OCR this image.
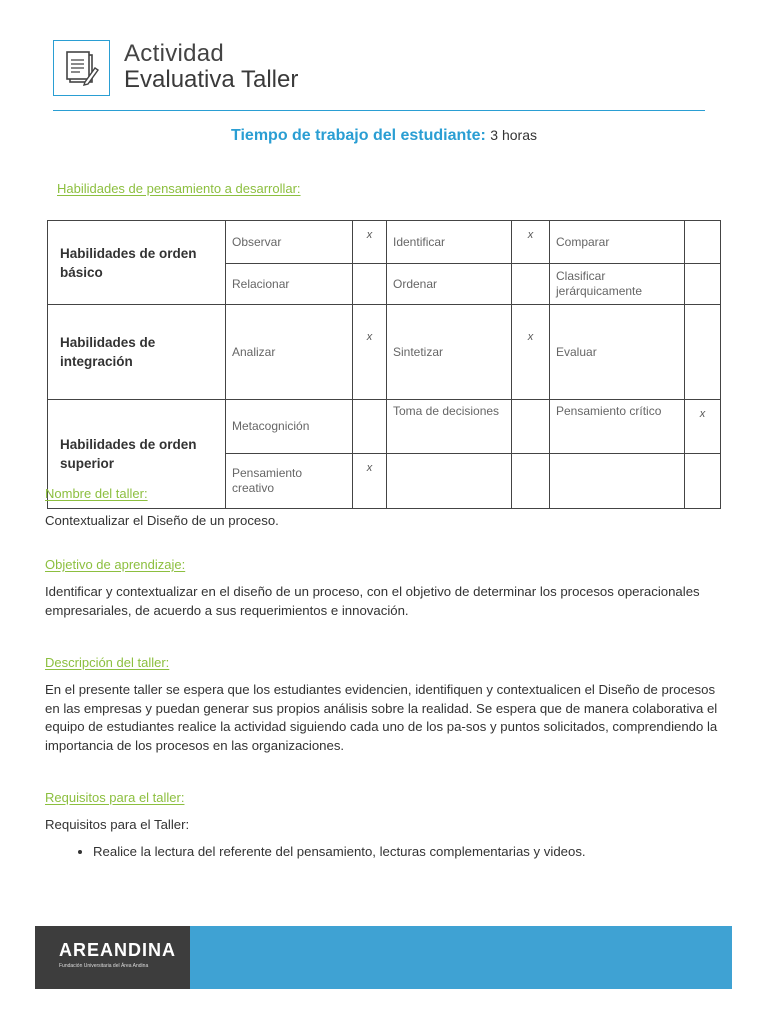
Actividad
Evaluativa Taller
Tiempo de trabajo del estudiante: 3 horas
Habilidades de pensamiento a desarrollar:
Habilidades de orden básico	Observar	x	Identificar	x	Comparar	
	Relacionar		Ordenar		Clasificar jerárquicamente	
Habilidades de integración	Analizar	x	Sintetizar	x	Evaluar	
Habilidades de orden superior	Metacognición		Toma de decisiones		Pensamiento crítico	x
	Pensamiento creativo	x				
Nombre del taller:
Contextualizar el Diseño de un proceso.
Objetivo de aprendizaje:
Identificar y contextualizar en el diseño de un proceso, con el objetivo de determinar los procesos operacionales empresariales, de acuerdo a sus requerimientos e innovación.
Descripción del taller:
En el presente taller se espera que los estudiantes evidencien, identifiquen y contextualicen el Diseño de procesos en las empresas y puedan generar sus propios análisis sobre la realidad. Se espera que de manera colaborativa el equipo de estudiantes realice la actividad siguiendo cada uno de los pa-sos y puntos solicitados, comprendiendo la importancia de los procesos en las organizaciones.
Requisitos para el taller:
Requisitos para el Taller:
• Realice la lectura del referente del pensamiento, lecturas complementarias y videos.
AREANDINA
Fundación Universitaria del Área Andina
